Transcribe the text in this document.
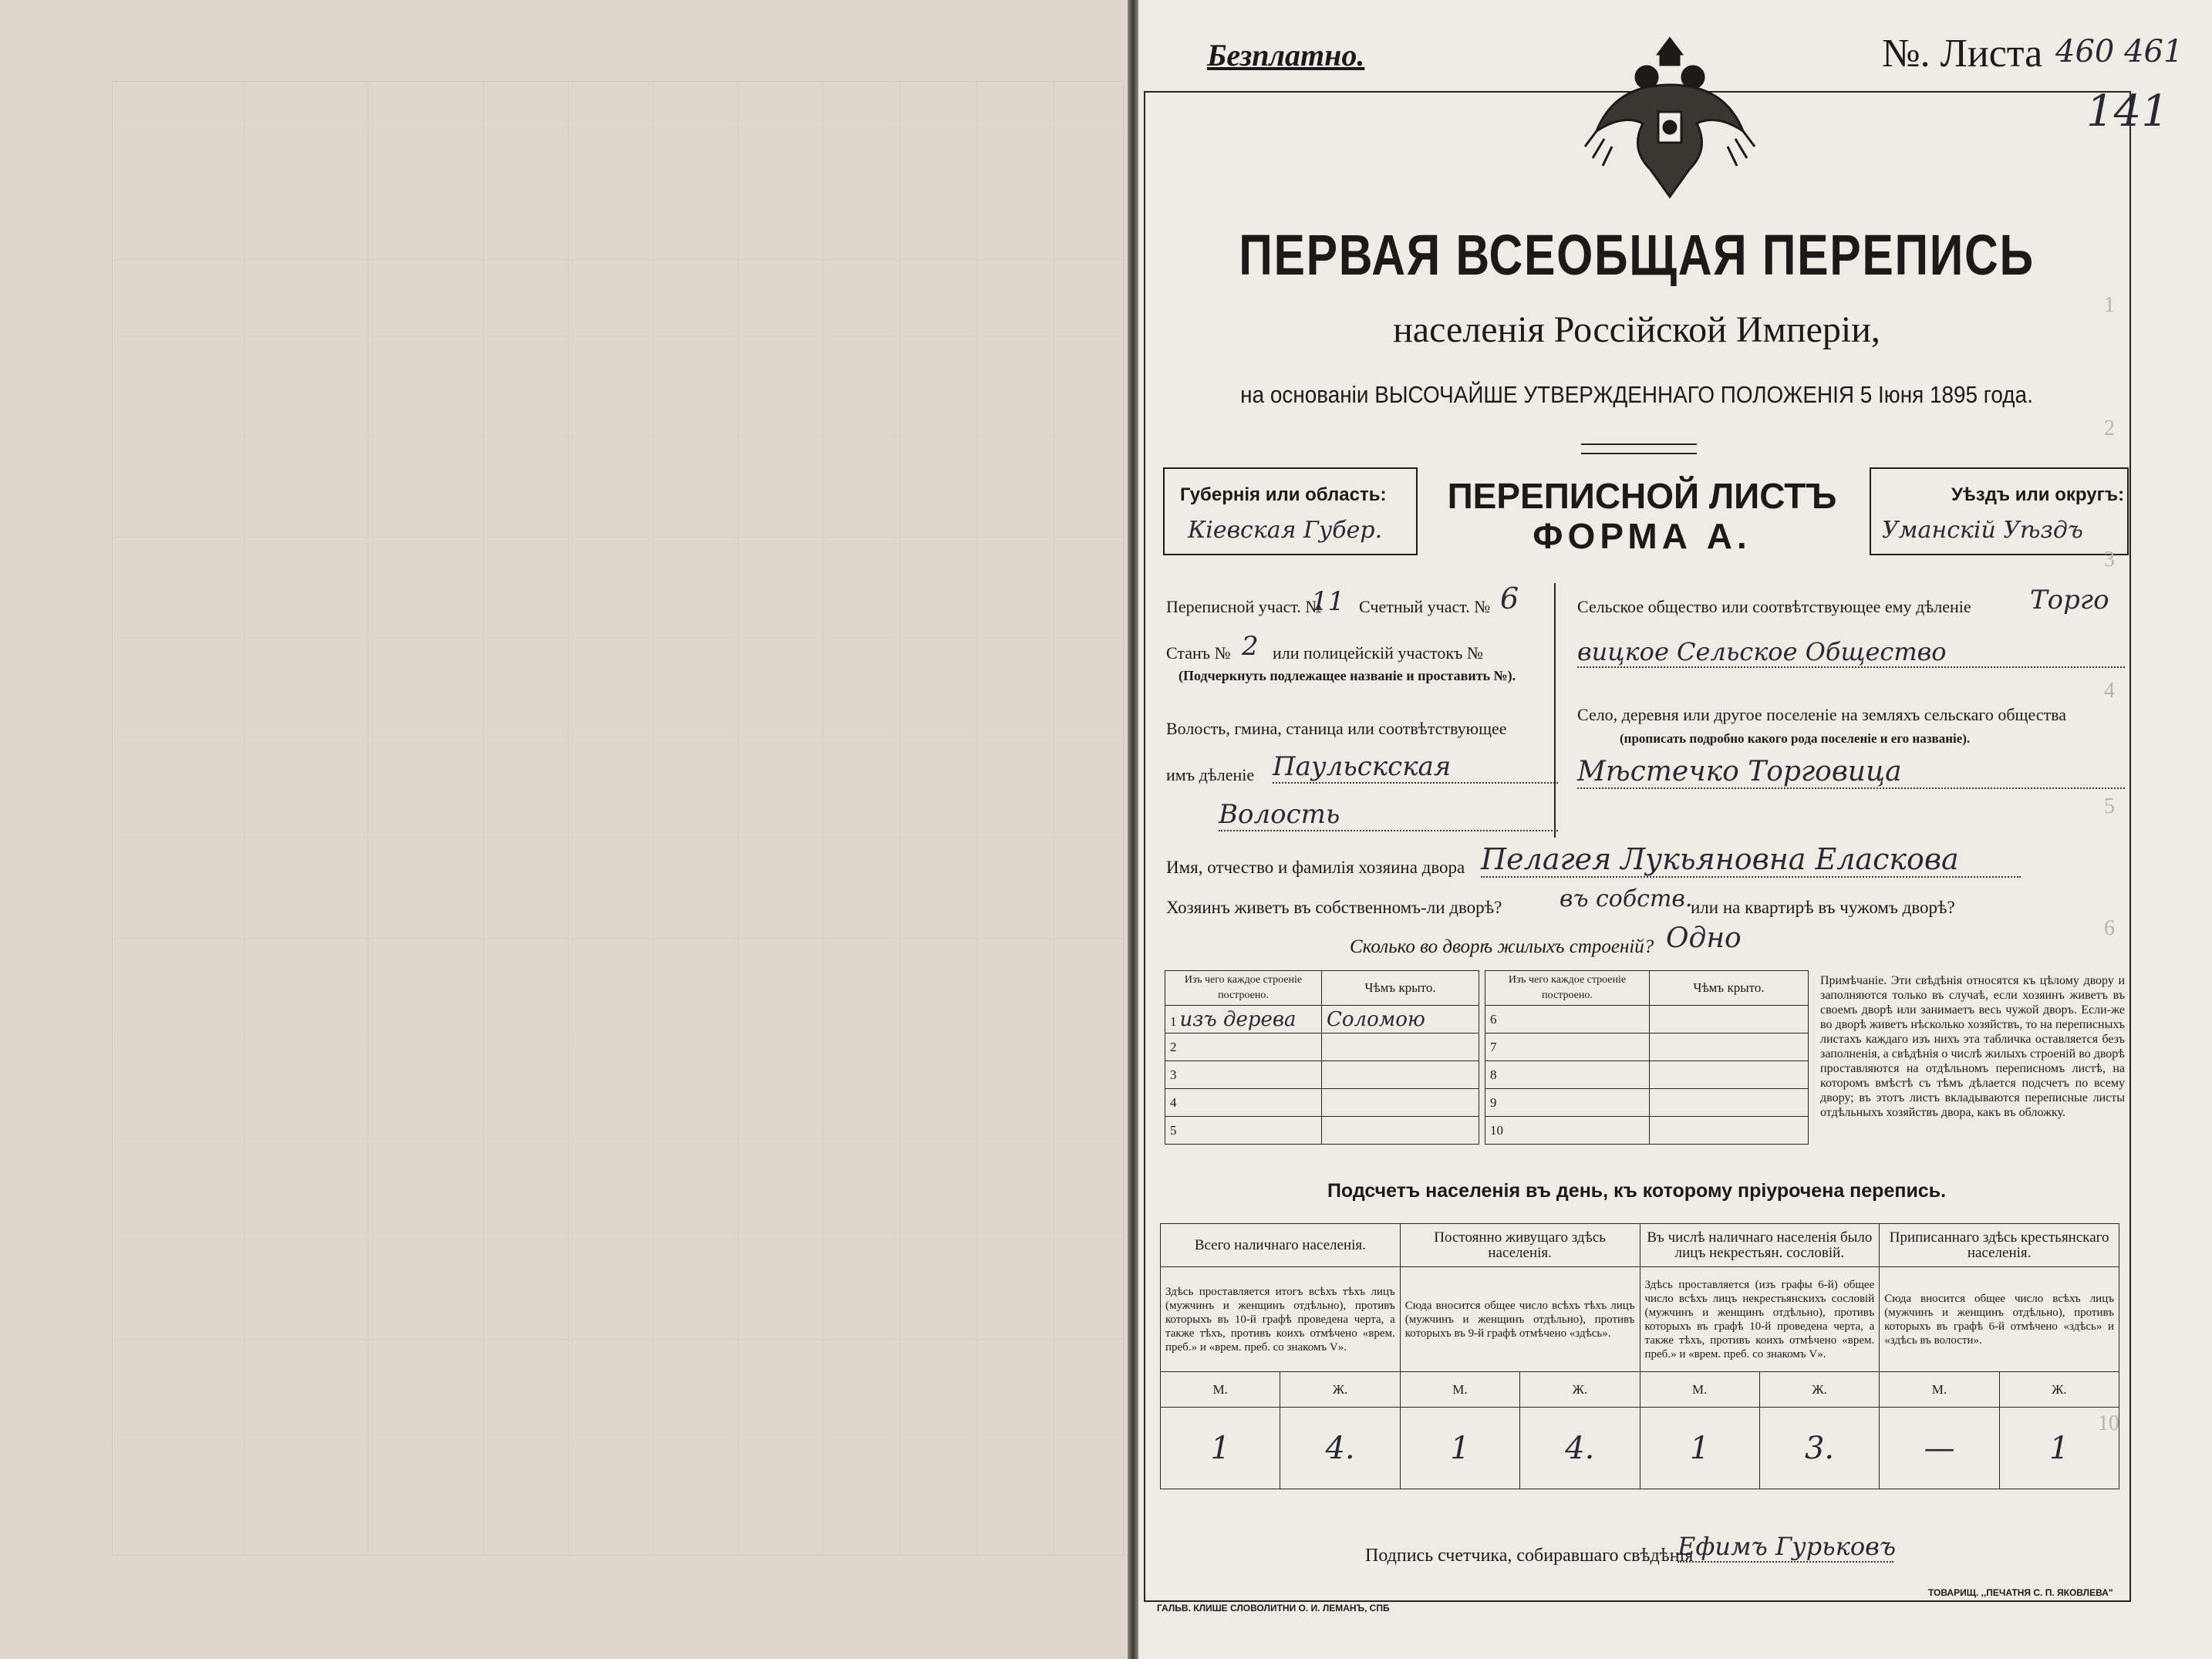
Безплатно.	№. Листа 460 461
141
ПЕРВАЯ ВСЕОБЩАЯ ПЕРЕПИСЬ
населенія Россійской Имперіи,
на основаніи ВЫСОЧАЙШЕ УТВЕРЖДЕННАГО ПОЛОЖЕНІЯ 5 Іюня 1895 года.
Губернія или область:
Кіевская Губер.
ПЕРЕПИСНОЙ ЛИСТЪ
ФОРМА А.
Уѣздъ или округъ:
Уманскій Уѣздъ
Переписной участ. №
11 Счетный участ. № 6
Станъ № 2 или полицейскій участокъ №
(Подчеркнуть подлежащее названіе и проставить №).
Волость, гмина, станица или соотвѣтствующее
имъ дѣленіе Паульскская
Волость
Сельское общество или соотвѣтствующее ему дѣленіе Торго
вицкое Сельское Общество
Село, деревня или другое поселеніе на земляхъ сельскаго общества
(прописать подробно какого рода поселеніе и его названіе).
Мѣстечко Торговица
Имя, отчество и фамилія хозяина двора Пелагея Лукьяновна Еласкова
Хозяинъ живетъ въ собственномъ-ли дворѣ? въ собств.
или на квартирѣ въ чужомъ дворѣ?
Сколько во дворѣ жилыхъ строеній? Одно
Изъ чего каждое строеніе построено.	Чѣмъ крыто.
1 изъ дерева	Соломою
2	
3	
4	
5	
Изъ чего каждое строеніе построено.	Чѣмъ крыто.
6	
7	
8	
9	
10	
Примѣчаніе. Эти свѣдѣнія относятся къ цѣлому двору и заполняются только въ случаѣ, если хозяинъ живетъ въ своемъ дворѣ или занимаетъ весь чужой дворъ. Если-же во дворѣ живетъ нѣсколько хозяйствъ, то на переписныхъ листахъ каждаго изъ нихъ эта табличка оставляется безъ заполненія, а свѣдѣнія о числѣ жилыхъ строеній во дворѣ проставляются на отдѣльномъ переписномъ листѣ, на которомъ вмѣстѣ съ тѣмъ дѣлается подсчетъ по всему двору; въ этотъ листъ вкладываются переписные листы отдѣльныхъ хозяйствъ двора, какъ въ обложку.
Подсчетъ населенія въ день, къ которому пріурочена перепись.
Всего наличнаго населенія.		Постоянно живущаго здѣсь населенія.		Въ числѣ наличнаго населенія было лицъ некрестьян. сословій.		Приписаннаго здѣсь крестьянскаго населенія.	
Здѣсь проставляется итогъ всѣхъ тѣхъ лицъ (мужчинъ и женщинъ отдѣльно), противъ которыхъ въ 10-й графѣ проведена черта, а также тѣхъ, противъ коихъ отмѣчено «врем. преб.» и «врем. преб. со знакомъ V».		Сюда вносится общее число всѣхъ тѣхъ лицъ (мужчинъ и женщинъ отдѣльно), противъ которыхъ въ 9-й графѣ отмѣчено «здѣсь».		Здѣсь проставляется (изъ графы 6-й) общее число всѣхъ лицъ некрестьянскихъ сословій (мужчинъ и женщинъ отдѣльно), противъ которыхъ въ графѣ 10-й проведена черта, а также тѣхъ, противъ коихъ отмѣчено «врем. преб.» и «врем. преб. со знакомъ V».		Сюда вносится общее число всѣхъ лицъ (мужчинъ и женщинъ отдѣльно), противъ которыхъ въ графѣ 6-й отмѣчено «здѣсь» и «здѣсь въ волости».	
М.	Ж.	М.	Ж.	М.	Ж.	М.	Ж.
1	4.	1	4.	1	3.	—	1
Подпись счетчика, собиравшаго свѣдѣнія
Ефимъ Гурьковъ
ГАЛЬВ. КЛИШЕ СЛОВОЛИТНИ О. И. ЛЕМАНЪ, СПБ
ТОВАРИЩ. ,,ПЕЧАТНЯ С. П. ЯКОВЛЕВА"
1
2
3
4
5
6
10
